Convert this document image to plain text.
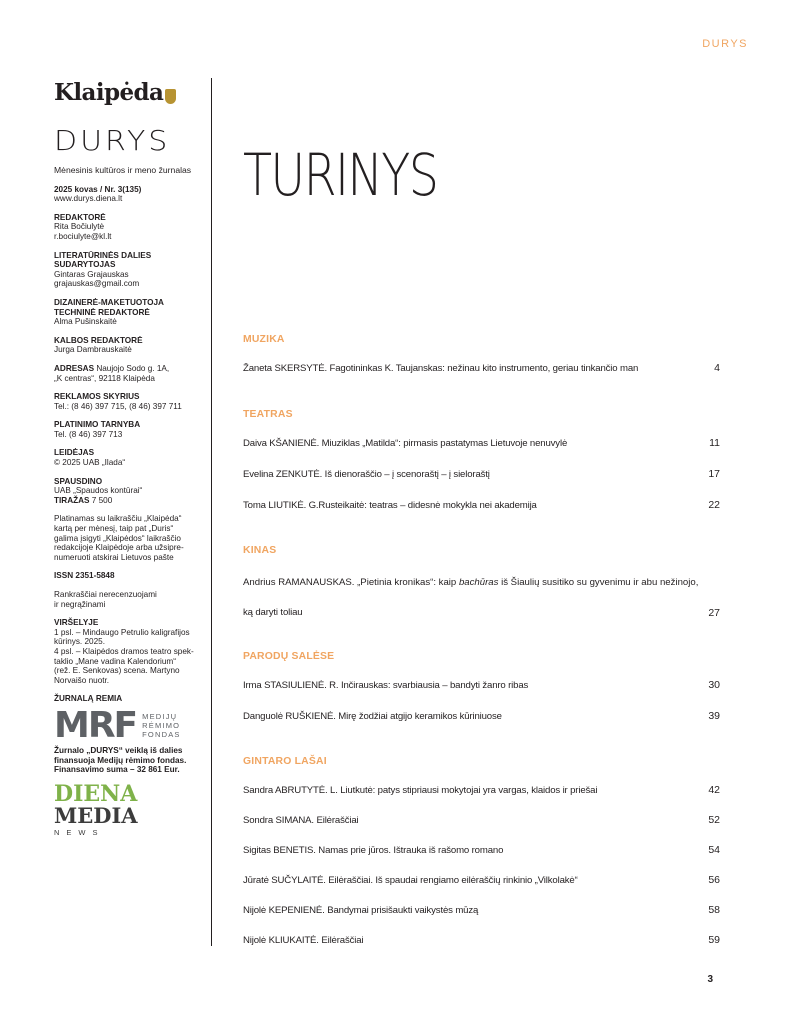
DURYS
Klaipėda
DURYS
Mėnesinis kultūros ir meno žurnalas
2025 kovas / Nr. 3(135)
www.durys.diena.lt
REDAKTORĖ
Rita Bočiulytė
r.bociulyte@kl.lt
LITERATŪRINĖS DALIES
SUDARYTOJAS
Gintaras Grajauskas
grajauskas@gmail.com
DIZAINERĖ-MAKETUOTOJA
TECHNINĖ REDAKTORĖ
Alma Pušinskaitė
KALBOS REDAKTORĖ
Jurga Dambrauskaitė
ADRESAS Naujojo Sodo g. 1A,
„K centras“, 92118 Klaipėda
REKLAMOS SKYRIUS
Tel.: (8 46) 397 715, (8 46) 397 711
PLATINIMO TARNYBA
Tel. (8 46) 397 713
LEIDĖJAS
© 2025 UAB „Ilada“
SPAUSDINO
UAB „Spaudos kontūrai“
TIRAŽAS 7 500
Platinamas su laikraščiu „Klaipėda“
kartą per mėnesį, taip pat „Duris“
galima įsigyti „Klaipėdos“ laikraščio
redakcijoje Klaipėdoje arba užsipre-
numeruoti atskirai Lietuvos pašte
ISSN 2351-5848
Rankraščiai nerecenzuojami
ir negrąžinami
VIRŠELYJE
1 psl. – Mindaugo Petrulio kaligrafijos
kūrinys. 2025.
4 psl. – Klaipėdos dramos teatro spek-
taklio „Mane vadina Kalendorium“
(rež. E. Senkovas) scena. Martyno
Norvaišo nuotr.
ŽURNALĄ REMIA
MRF MEDIJŲ
RĖMIMO
FONDAS
Žurnalo „DURYS“ veiklą iš dalies
finansuoja Medijų rėmimo fondas.
Finansavimo suma – 32 861 Eur.
DIENA
MEDIA
NEWS
TURINYS
MUZIKA
Žaneta SKERSYTĖ. Fagotininkas K. Taujanskas: nežinau kito instrumento, geriau tinkančio man	4
TEATRAS
Daiva KŠANIENĖ. Miuziklas „Matilda“: pirmasis pastatymas Lietuvoje nenuvylė	11
Evelina ZENKUTĖ. Iš dienoraščio – į scenoraštį – į sieloraštį	17
Toma LIUTIKĖ. G.Rusteikaitė: teatras – didesnė mokykla nei akademija	22
KINAS
Andrius RAMANAUSKAS. „Pietinia kronikas“: kaip bachūras iš Šiaulių susitiko su gyvenimu ir abu nežinojo,
ką daryti toliau	27
PARODŲ SALĖSE
Irma STASIULIENĖ. R. Inčirauskas: svarbiausia – bandyti žanro ribas	30
Danguolė RUŠKIENĖ. Mirę žodžiai atgijo keramikos kūriniuose	39
GINTARO LAŠAI
Sandra ABRUTYTĖ. L. Liutkutė: patys stipriausi mokytojai yra vargas, klaidos ir priešai	42
Sondra SIMANA. Eilėraščiai	52
Sigitas BENETIS. Namas prie jūros. Ištrauka iš rašomo romano	54
Jūratė SUČYLAITĖ. Eilėraščiai. Iš spaudai rengiamo eilėraščių rinkinio „Vilkolakė“	56
Nijolė KEPENIENĖ. Bandymai prisišaukti vaikystės mūzą	58
Nijolė KLIUKAITĖ. Eilėraščiai	59
3
